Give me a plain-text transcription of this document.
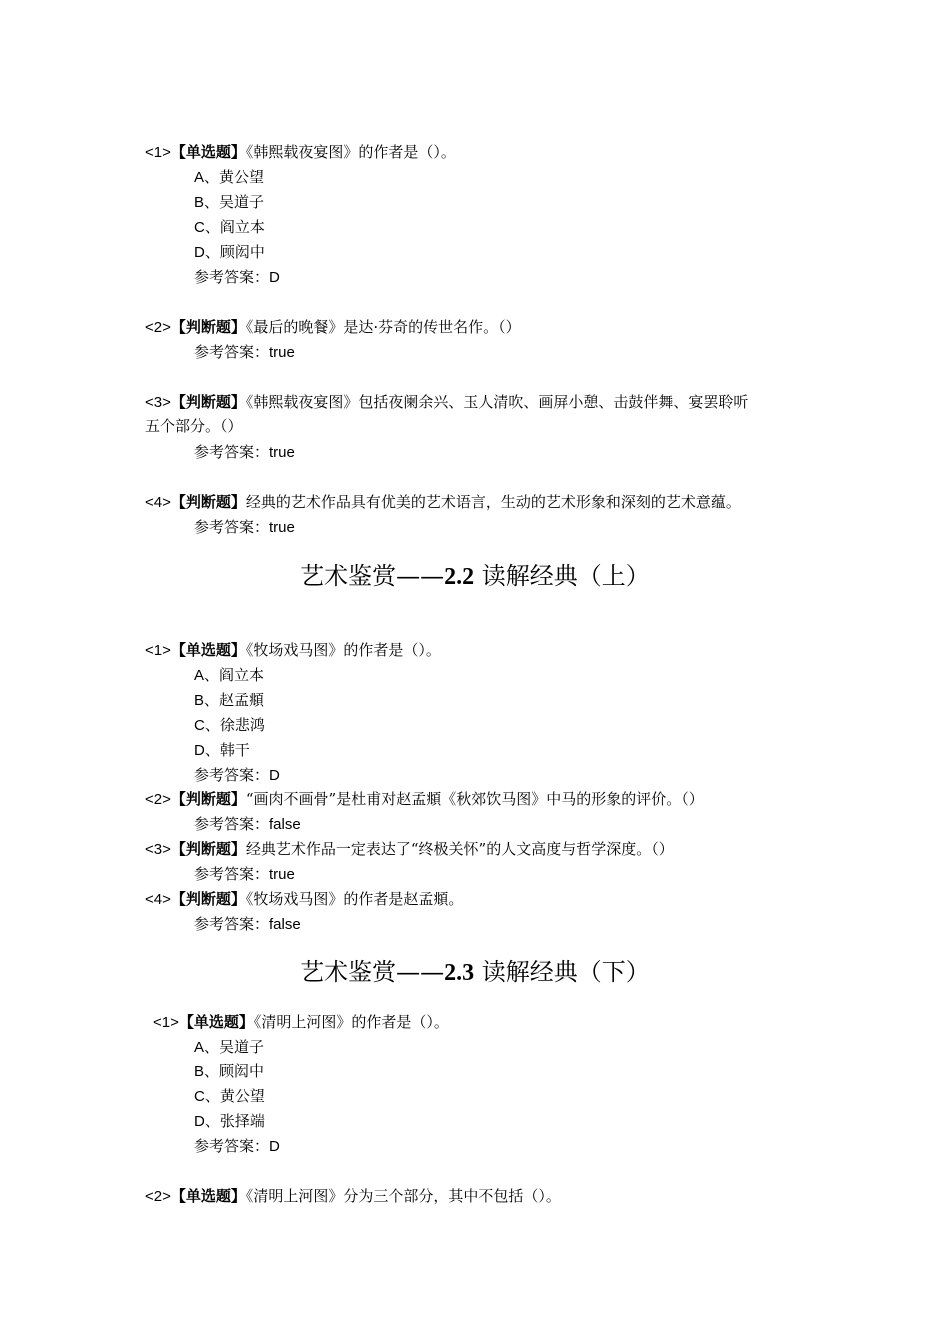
<1>【单选题】《韩熙载夜宴图》的作者是（）。
A、黄公望
B、吴道子
C、阎立本
D、顾闳中
参考答案：D
<2>【判断题】《最后的晚餐》是达·芬奇的传世名作。（）
参考答案：true
<3>【判断题】《韩熙载夜宴图》包括夜阑余兴、玉人清吹、画屏小憩、击鼓伴舞、宴罢聆听
五个部分。（）
参考答案：true
<4>【判断题】经典的艺术作品具有优美的艺术语言，生动的艺术形象和深刻的艺术意蕴。
参考答案：true
艺术鉴赏——2.2 读解经典（上）
<1>【单选题】《牧场戏马图》的作者是（）。
A、阎立本
B、赵孟頫
C、徐悲鸿
D、韩干
参考答案：D
<2>【判断题】“画肉不画骨”是杜甫对赵孟頫《秋郊饮马图》中马的形象的评价。（）
参考答案：false
<3>【判断题】经典艺术作品一定表达了“终极关怀”的人文高度与哲学深度。（）
参考答案：true
<4>【判断题】《牧场戏马图》的作者是赵孟頫。
参考答案：false
艺术鉴赏——2.3 读解经典（下）
<1>【单选题】《清明上河图》的作者是（）。
A、吴道子
B、顾闳中
C、黄公望
D、张择端
参考答案：D
<2>【单选题】《清明上河图》分为三个部分，其中不包括（）。
